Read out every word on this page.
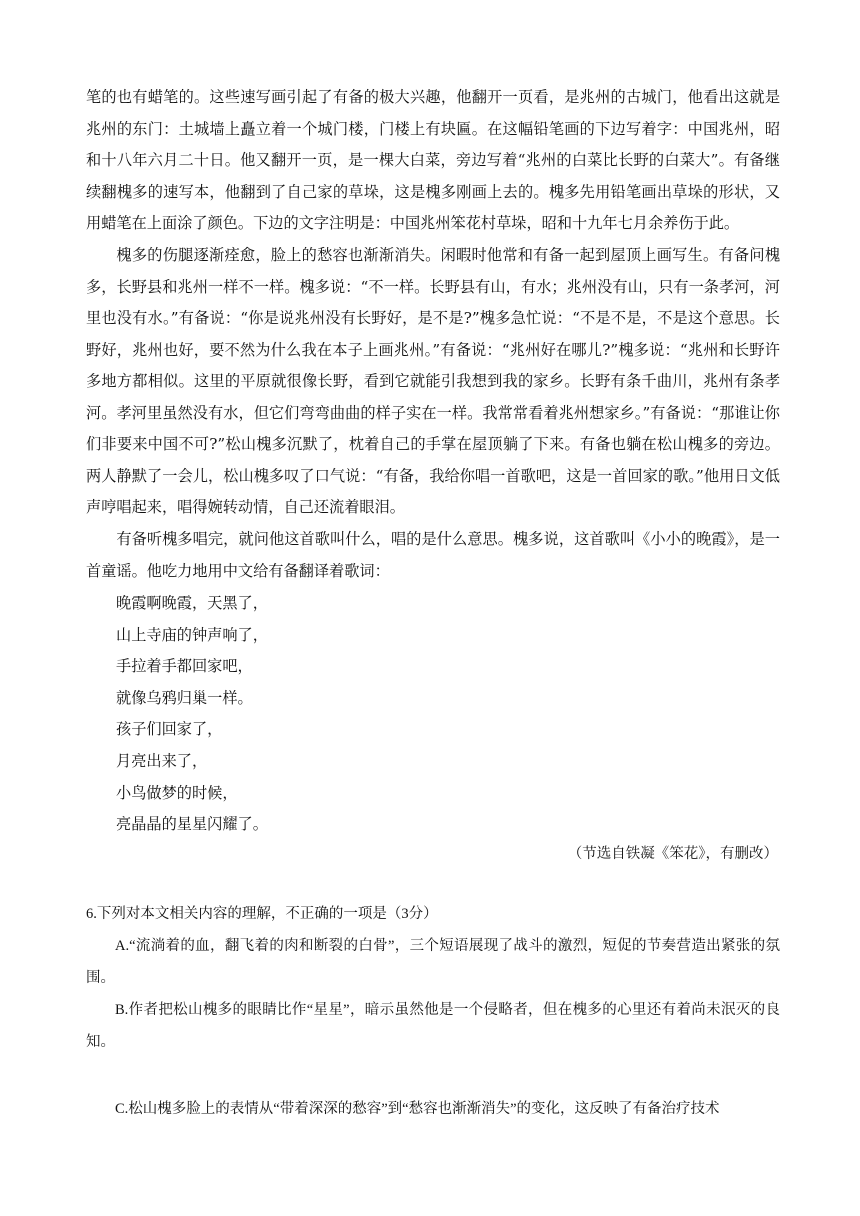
笔的也有蜡笔的。这些速写画引起了有备的极大兴趣，他翻开一页看，是兆州的古城门，他看出这就是兆州的东门：土城墙上矗立着一个城门楼，门楼上有块匾。在这幅铅笔画的下边写着字：中国兆州，昭和十八年六月二十日。他又翻开一页，是一棵大白菜，旁边写着“兆州的白菜比长野的白菜大”。有备继续翻槐多的速写本，他翻到了自己家的草垛，这是槐多刚画上去的。槐多先用铅笔画出草垛的形状，又用蜡笔在上面涂了颜色。下边的文字注明是：中国兆州笨花村草垛，昭和十九年七月余养伤于此。

槐多的伤腿逐渐痊愈，脸上的愁容也渐渐消失。闲暇时他常和有备一起到屋顶上画写生。有备问槐多，长野县和兆州一样不一样。槐多说：“不一样。长野县有山，有水；兆州没有山，只有一条孝河，河里也没有水。”有备说：“你是说兆州没有长野好，是不是?”槐多急忙说：“不是不是，不是这个意思。长野好，兆州也好，要不然为什么我在本子上画兆州。”有备说：“兆州好在哪儿?”槐多说：“兆州和长野许多地方都相似。这里的平原就很像长野，看到它就能引我想到我的家乡。长野有条千曲川，兆州有条孝河。孝河里虽然没有水，但它们弯弯曲曲的样子实在一样。我常常看着兆州想家乡。”有备说：“那谁让你们非要来中国不可?”松山槐多沉默了，枕着自己的手掌在屋顶躺了下来。有备也躺在松山槐多的旁边。两人静默了一会儿，松山槐多叹了口气说：“有备，我给你唱一首歌吧，这是一首回家的歌。”他用日文低声哼唱起来，唱得婉转动情，自己还流着眼泪。

有备听槐多唱完，就问他这首歌叫什么，唱的是什么意思。槐多说，这首歌叫《小小的晚霞》，是一首童谣。他吃力地用中文给有备翻译着歌词：

晚霞啊晚霞，天黑了，
山上寺庙的钟声响了，
手拉着手都回家吧，
就像乌鸦归巢一样。
孩子们回家了，
月亮出来了，
小鸟做梦的时候，
亮晶晶的星星闪耀了。
（节选自铁凝《笨花》，有删改）
6.下列对本文相关内容的理解，不正确的一项是（3分）

A.“流淌着的血，翻飞着的肉和断裂的白骨”，三个短语展现了战斗的激烈，短促的节奏营造出紧张的氛围。

B.作者把松山槐多的眼睛比作“星星”，暗示虽然他是一个侵略者，但在槐多的心里还有着尚未泯灭的良知。

C.松山槐多脸上的表情从“带着深深的愁容”到“愁容也渐渐消失”的变化，这反映了有备治疗技术
